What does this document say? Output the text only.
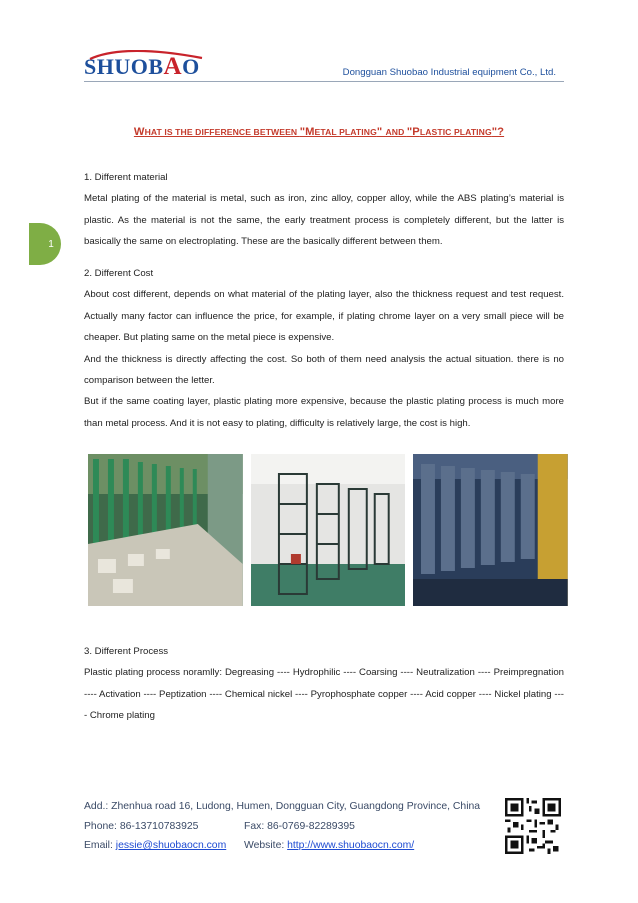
SHUOBAO	Dongguan Shuobao Industrial equipment Co., Ltd.
1
WHAT IS THE DIFFERENCE BETWEEN "METAL PLATING" AND "PLASTIC PLATING"?

1. Different material

Metal plating of the material is metal, such as iron, zinc alloy, copper alloy, while the ABS plating’s material is plastic. As the material is not the same, the early treatment process is completely different, but the latter is basically the same on electroplating. These are the basically different between them.

2. Different Cost

About cost different, depends on what material of the plating layer, also the thickness request and test request. Actually many factor can influence the price, for example, if plating chrome layer on a very small piece will be cheaper. But plating same on the metal piece is expensive.

And the thickness is directly affecting the cost. So both of them need analysis the actual situation. there is no comparison between the letter.

But if the same coating layer, plastic plating more expensive, because the plastic plating process is much more than metal process. And it is not easy to plating, difficulty is relatively large, the cost is high.

3. Different Process

Plastic plating process noramlly: Degreasing ---- Hydrophilic ---- Coarsing ---- Neutralization ---- Preimpregnation ---- Activation ---- Peptization ---- Chemical nickel ---- Pyrophosphate copper ---- Acid copper ---- Nickel plating ---- Chrome plating

Add.: Zhenhua road 16, Ludong, Humen, Dongguan City, Guangdong Province, China
Phone: 86-13710783925	Fax: 86-0769-82289395
Email: jessie@shuobaocn.com	Website: http://www.shuobaocn.com/
